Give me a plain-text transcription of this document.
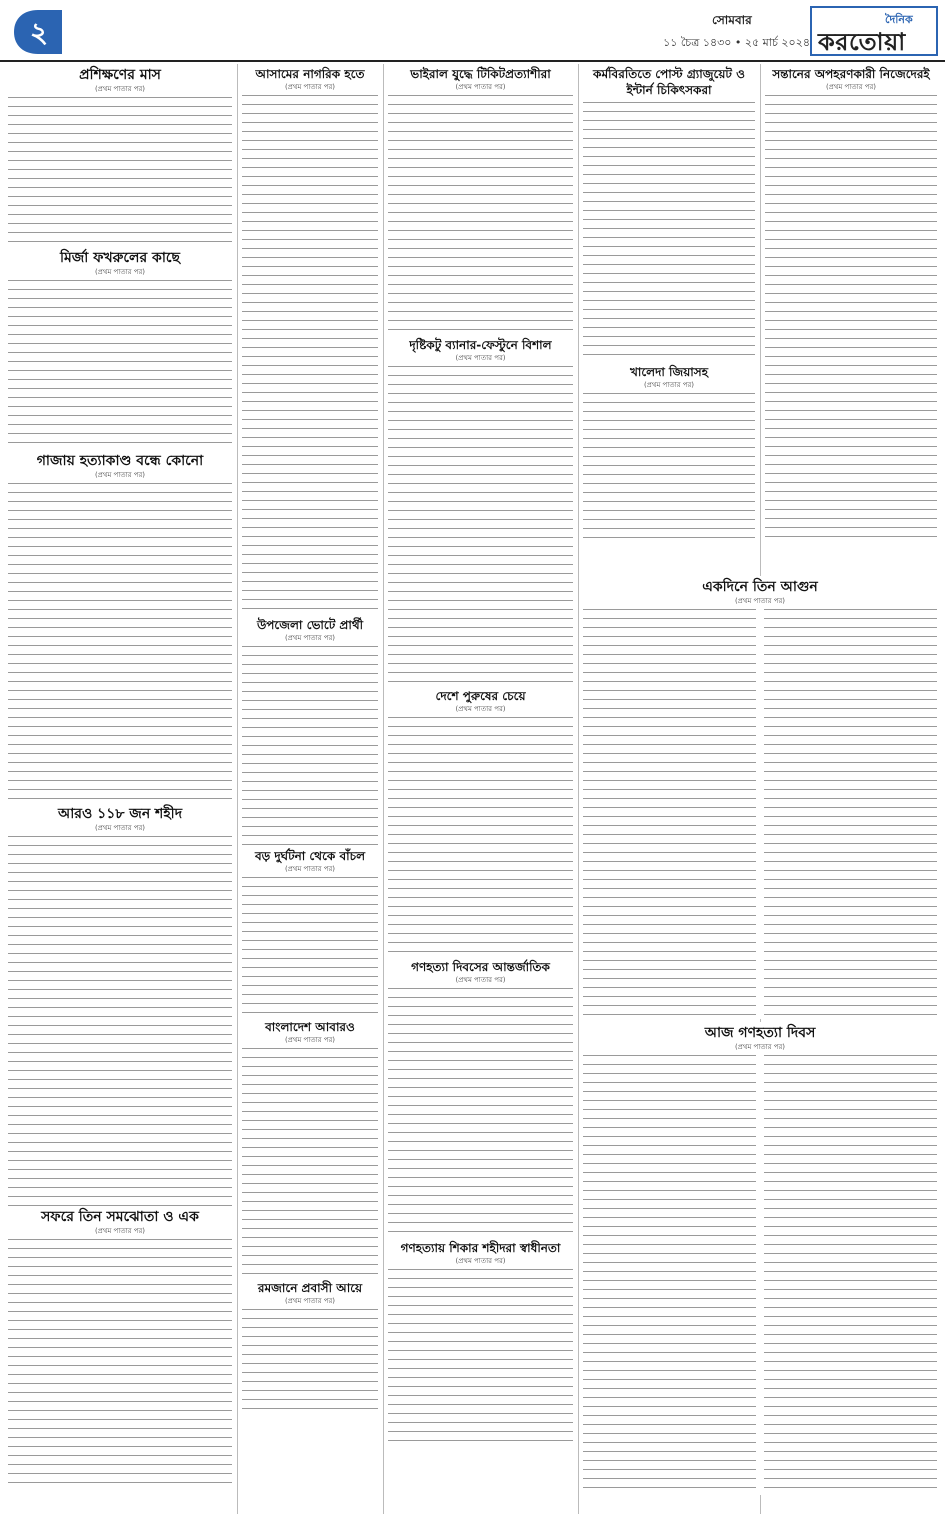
২	সোমবার
১১ চৈত্র ১৪৩০ • ২৫ মার্চ ২০২৪
দৈনিক
করতোয়া
প্রশিক্ষণের মাস
(প্রথম পাতার পর)
মির্জা ফখরুলের কাছে
(প্রথম পাতার পর)
গাজায় হত্যাকাণ্ড বন্ধে কোনো
(প্রথম পাতার পর)
আরও ১১৮ জন শহীদ
(প্রথম পাতার পর)
সফরে তিন সমঝোতা ও এক
(প্রথম পাতার পর)
আসামের নাগরিক হতে
(প্রথম পাতার পর)
উপজেলা ভোটে প্রার্থী
(প্রথম পাতার পর)
বড় দুর্ঘটনা থেকে বাঁচল
(প্রথম পাতার পর)
বাংলাদেশ আবারও
(প্রথম পাতার পর)
রমজানে প্রবাসী আয়ে
(প্রথম পাতার পর)
ভাইরাল যুদ্ধে টিকিটপ্রত্যাশীরা
(প্রথম পাতার পর)
দৃষ্টিকটু ব্যানার-ফেস্টুনে বিশাল
(প্রথম পাতার পর)
দেশে পুরুষের চেয়ে
(প্রথম পাতার পর)
গণহত্যা দিবসের আন্তর্জাতিক
(প্রথম পাতার পর)
গণহত্যায় শিকার শহীদরা স্বাধীনতা
(প্রথম পাতার পর)
কর্মবিরতিতে পোস্ট গ্র্যাজুয়েট ও ইন্টার্ন চিকিৎসকরা
খালেদা জিয়াসহ
(প্রথম পাতার পর)
সন্তানের অপহরণকারী নিজেদেরই
(প্রথম পাতার পর)
একদিনে তিন আগুন
(প্রথম পাতার পর)
আজ গণহত্যা দিবস
(প্রথম পাতার পর)
